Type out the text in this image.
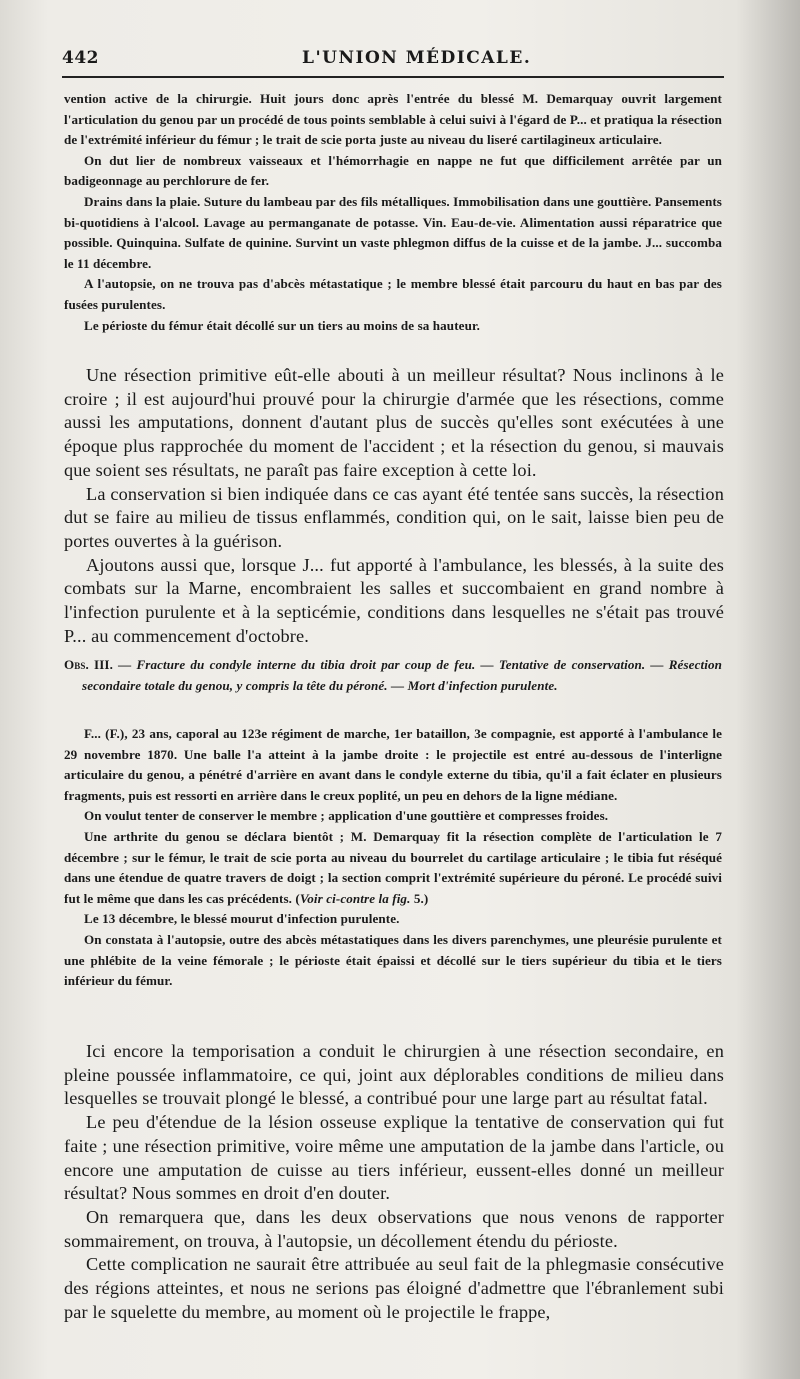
442	L'UNION MÉDICALE.

vention active de la chirurgie. Huit jours donc après l'entrée du blessé M. Demarquay ouvrit largement l'articulation du genou par un procédé de tous points semblable à celui suivi à l'égard de P... et pratiqua la résection de l'extrémité inférieur du fémur ; le trait de scie porta juste au niveau du liseré cartilagineux articulaire.

On dut lier de nombreux vaisseaux et l'hémorrhagie en nappe ne fut que difficilement arrêtée par un badigeonnage au perchlorure de fer.

Drains dans la plaie. Suture du lambeau par des fils métalliques. Immobilisation dans une gouttière. Pansements bi-quotidiens à l'alcool. Lavage au permanganate de potasse. Vin. Eau-de-vie. Alimentation aussi réparatrice que possible. Quinquina. Sulfate de quinine. Survint un vaste phlegmon diffus de la cuisse et de la jambe. J... succomba le 11 décembre.

A l'autopsie, on ne trouva pas d'abcès métastatique ; le membre blessé était parcouru du haut en bas par des fusées purulentes.

Le périoste du fémur était décollé sur un tiers au moins de sa hauteur.

Une résection primitive eût-elle abouti à un meilleur résultat? Nous inclinons à le croire ; il est aujourd'hui prouvé pour la chirurgie d'armée que les résections, comme aussi les amputations, donnent d'autant plus de succès qu'elles sont exécutées à une époque plus rapprochée du moment de l'accident ; et la résection du genou, si mauvais que soient ses résultats, ne paraît pas faire exception à cette loi.

La conservation si bien indiquée dans ce cas ayant été tentée sans succès, la résection dut se faire au milieu de tissus enflammés, condition qui, on le sait, laisse bien peu de portes ouvertes à la guérison.

Ajoutons aussi que, lorsque J... fut apporté à l'ambulance, les blessés, à la suite des combats sur la Marne, encombraient les salles et succombaient en grand nombre à l'infection purulente et à la septicémie, conditions dans lesquelles ne s'était pas trouvé P... au commencement d'octobre.

Obs. III. — Fracture du condyle interne du tibia droit par coup de feu. — Tentative de conservation. — Résection secondaire totale du genou, y compris la tête du péroné. — Mort d'infection purulente.

F... (F.), 23 ans, caporal au 123e régiment de marche, 1er bataillon, 3e compagnie, est apporté à l'ambulance le 29 novembre 1870. Une balle l'a atteint à la jambe droite : le projectile est entré au-dessous de l'interligne articulaire du genou, a pénétré d'arrière en avant dans le condyle externe du tibia, qu'il a fait éclater en plusieurs fragments, puis est ressorti en arrière dans le creux poplité, un peu en dehors de la ligne médiane.

On voulut tenter de conserver le membre ; application d'une gouttière et compresses froides.

Une arthrite du genou se déclara bientôt ; M. Demarquay fit la résection complète de l'articulation le 7 décembre ; sur le fémur, le trait de scie porta au niveau du bourrelet du cartilage articulaire ; le tibia fut réséqué dans une étendue de quatre travers de doigt ; la section comprit l'extrémité supérieure du péroné. Le procédé suivi fut le même que dans les cas précédents. (Voir ci-contre la fig. 5.)

Le 13 décembre, le blessé mourut d'infection purulente.

On constata à l'autopsie, outre des abcès métastatiques dans les divers parenchymes, une pleurésie purulente et une phlébite de la veine fémorale ; le périoste était épaissi et décollé sur le tiers supérieur du tibia et le tiers inférieur du fémur.

Ici encore la temporisation a conduit le chirurgien à une résection secondaire, en pleine poussée inflammatoire, ce qui, joint aux déplorables conditions de milieu dans lesquelles se trouvait plongé le blessé, a contribué pour une large part au résultat fatal.

Le peu d'étendue de la lésion osseuse explique la tentative de conservation qui fut faite ; une résection primitive, voire même une amputation de la jambe dans l'article, ou encore une amputation de cuisse au tiers inférieur, eussent-elles donné un meilleur résultat? Nous sommes en droit d'en douter.

On remarquera que, dans les deux observations que nous venons de rapporter sommairement, on trouva, à l'autopsie, un décollement étendu du périoste.

Cette complication ne saurait être attribuée au seul fait de la phlegmasie consécutive des régions atteintes, et nous ne serions pas éloigné d'admettre que l'ébranlement subi par le squelette du membre, au moment où le projectile le frappe,
